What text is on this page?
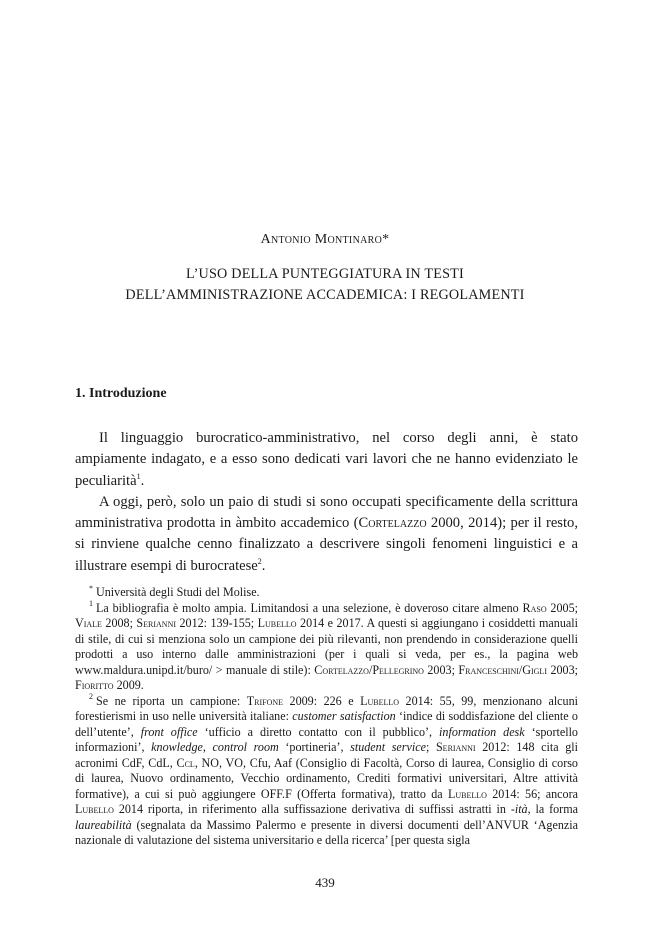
Antonio Montinaro*
L’USO DELLA PUNTEGGIATURA IN TESTI
DELL’AMMINISTRAZIONE ACCADEMICA: I REGOLAMENTI
1. Introduzione

Il linguaggio burocratico-amministrativo, nel corso degli anni, è stato ampiamente indagato, e a esso sono dedicati vari lavori che ne hanno evidenziato le peculiarità$^1$.

A oggi, però, solo un paio di studi si sono occupati specificamente della scrittura amministrativa prodotta in àmbito accademico (Cortelazzo 2000, 2014); per il resto, si rinviene qualche cenno finalizzato a descrivere singoli fenomeni linguistici e a illustrare esempi di burocratese$^2$.

* Università degli Studi del Molise.

$^1$ La bibliografia è molto ampia. Limitandosi a una selezione, è doveroso citare almeno Raso 2005; Viale 2008; Serianni 2012: 139-155; Lubello 2014 e 2017. A questi si aggiungano i cosiddetti manuali di stile, di cui si menziona solo un campione dei più rilevanti, non prendendo in considerazione quelli prodotti a uso interno dalle amministrazioni (per i quali si veda, per es., la pagina web www.maldura.unipd.it/buro/ > manuale di stile): Cortelazzo/Pellegrino 2003; Franceschini/Gigli 2003; Fioritto 2009.

$^2$ Se ne riporta un campione: Trifone 2009: 226 e Lubello 2014: 55, 99, menzionano alcuni forestierismi in uso nelle università italiane: customer satisfaction ‘indice di soddisfazione del cliente o dell’utente’, front office ‘ufficio a diretto contatto con il pubblico’, information desk ‘sportello informazioni’, knowledge, control room ‘portineria’, student service; Serianni 2012: 148 cita gli acronimi CdF, CdL, Ccl, NO, VO, Cfu, Aaf (Consiglio di Facoltà, Corso di laurea, Consiglio di corso di laurea, Nuovo ordinamento, Vecchio ordinamento, Crediti formativi universitari, Altre attività formative), a cui si può aggiungere OFF.F (Offerta formativa), tratto da Lubello 2014: 56; ancora Lubello 2014 riporta, in riferimento alla suffissazione derivativa di suffissi astratti in -ità, la forma laureabilità (segnalata da Massimo Palermo e presente in diversi documenti dell’ANVUR ‘Agenzia nazionale di valutazione del sistema universitario e della ricerca’ [per questa sigla

439
